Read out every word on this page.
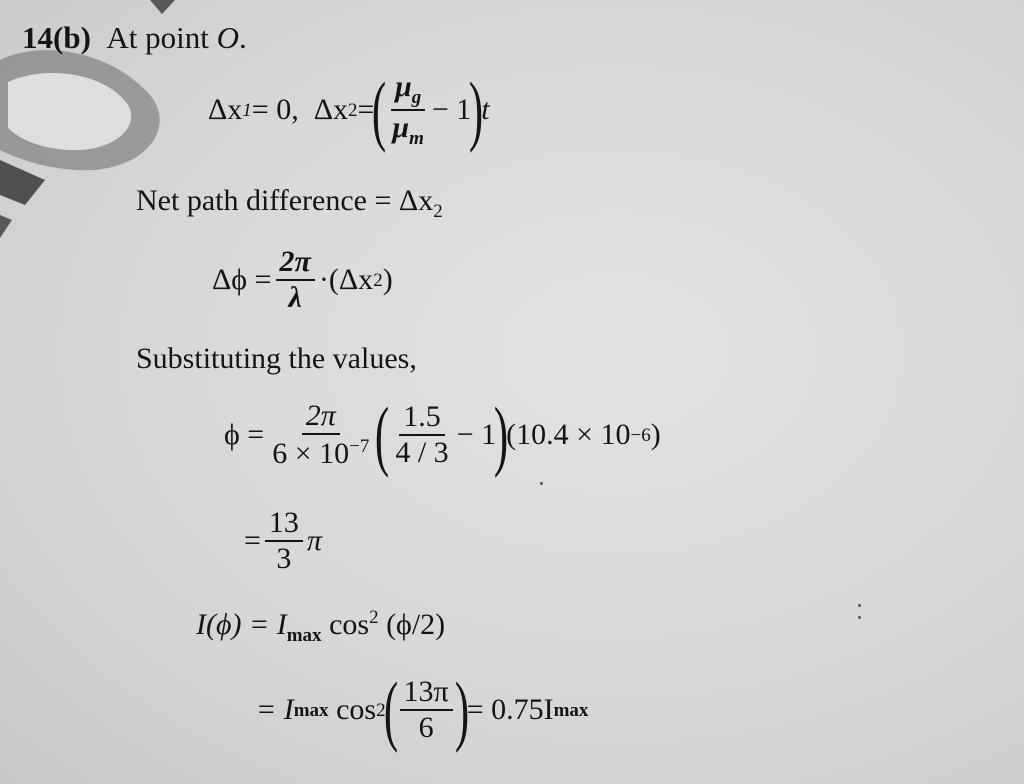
14(b) At point O.
Δx 1 = 0,
Δx 2 =
( $\frac{\mu_g}{\mu_m} - 1$
)
t
Net path difference = $\Delta x_2$
$\Delta\phi = \frac{2\pi}{\lambda} \cdot(\Delta x$ 2 )
Substituting the values,
$\phi = \frac{2\pi}{6 \times 10^{-7}}$ ( $\frac{1.5}{4 / 3} - 1$
)
(10.4 × 10 −6 )
= $\frac{13}{3}$ π
$I(\phi) = I_{max}$ $\cos^2 (\phi/2)$
= I max
cos 2
( $\frac{13\pi}{6}$ )
= 0.75I max
